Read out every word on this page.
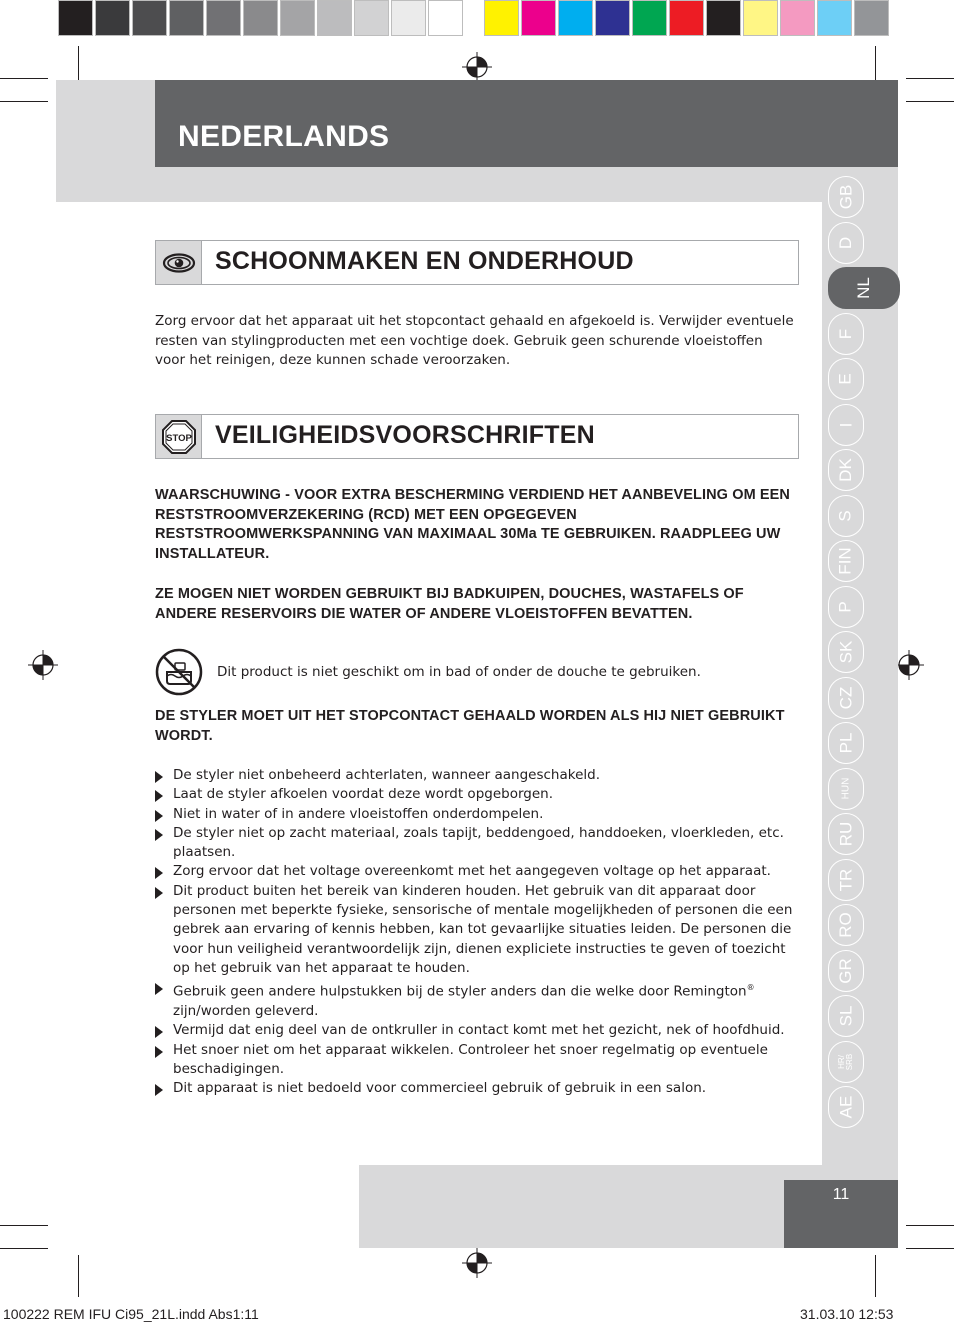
NEDERLANDS
GB
D
NL
F
E
I
DK
S
FIN
P
SK
CZ
PL
HUN
RU
TR
RO
GR
SL
HR/ SRB
AE
SCHOONMAKEN EN ONDERHOUD

Zorg ervoor dat het apparaat uit het stopcontact gehaald en afgekoeld is. Verwijder eventuele resten van stylingproducten met een vochtige doek. Gebruik geen schurende vloeistoffen voor het reinigen, deze kunnen schade veroorzaken.

STOP VEILIGHEIDSVOORSCHRIFTEN

WAARSCHUWING - VOOR EXTRA BESCHERMING VERDIEND HET AANBEVELING OM EEN RESTSTROOMVERZEKERING (RCD) MET EEN OPGEGEVEN RESTSTROOMWERKSPANNING VAN MAXIMAAL 30Ma TE GEBRUIKEN. RAADPLEEG UW INSTALLATEUR.

ZE MOGEN NIET WORDEN GEBRUIKT BIJ BADKUIPEN, DOUCHES, WASTAFELS OF ANDERE RESERVOIRS DIE WATER OF ANDERE VLOEISTOFFEN BEVATTEN.

Dit product is niet geschikt om in bad of onder de douche te gebruiken.

DE STYLER MOET UIT HET STOPCONTACT GEHAALD WORDEN ALS HIJ NIET GEBRUIKT WORDT.

De styler niet onbeheerd achterlaten, wanneer aangeschakeld.
Laat de styler afkoelen voordat deze wordt opgeborgen.
Niet in water of in andere vloeistoffen onderdompelen.
De styler niet op zacht materiaal, zoals tapijt, beddengoed, handdoeken, vloerkleden, etc. plaatsen.
Zorg ervoor dat het voltage overeenkomt met het aangegeven voltage op het apparaat.
Dit product buiten het bereik van kinderen houden. Het gebruik van dit apparaat door personen met beperkte fysieke, sensorische of mentale mogelijkheden of personen die een gebrek aan ervaring of kennis hebben, kan tot gevaarlijke situaties leiden. De personen die voor hun veiligheid verantwoordelijk zijn, dienen expliciete instructies te geven of toezicht op het gebruik van het apparaat te houden.
Gebruik geen andere hulpstukken bij de styler anders dan die welke door Remington®
zijn/worden geleverd.
Vermijd dat enig deel van de ontkruller in contact komt met het gezicht, nek of hoofdhuid.
Het snoer niet om het apparaat wikkelen. Controleer het snoer regelmatig op eventuele beschadigingen.
Dit apparaat is niet bedoeld voor commercieel gebruik of gebruik in een salon.
11

100222 REM IFU Ci95_21L.indd Abs1:11	31.03.10 12:53
